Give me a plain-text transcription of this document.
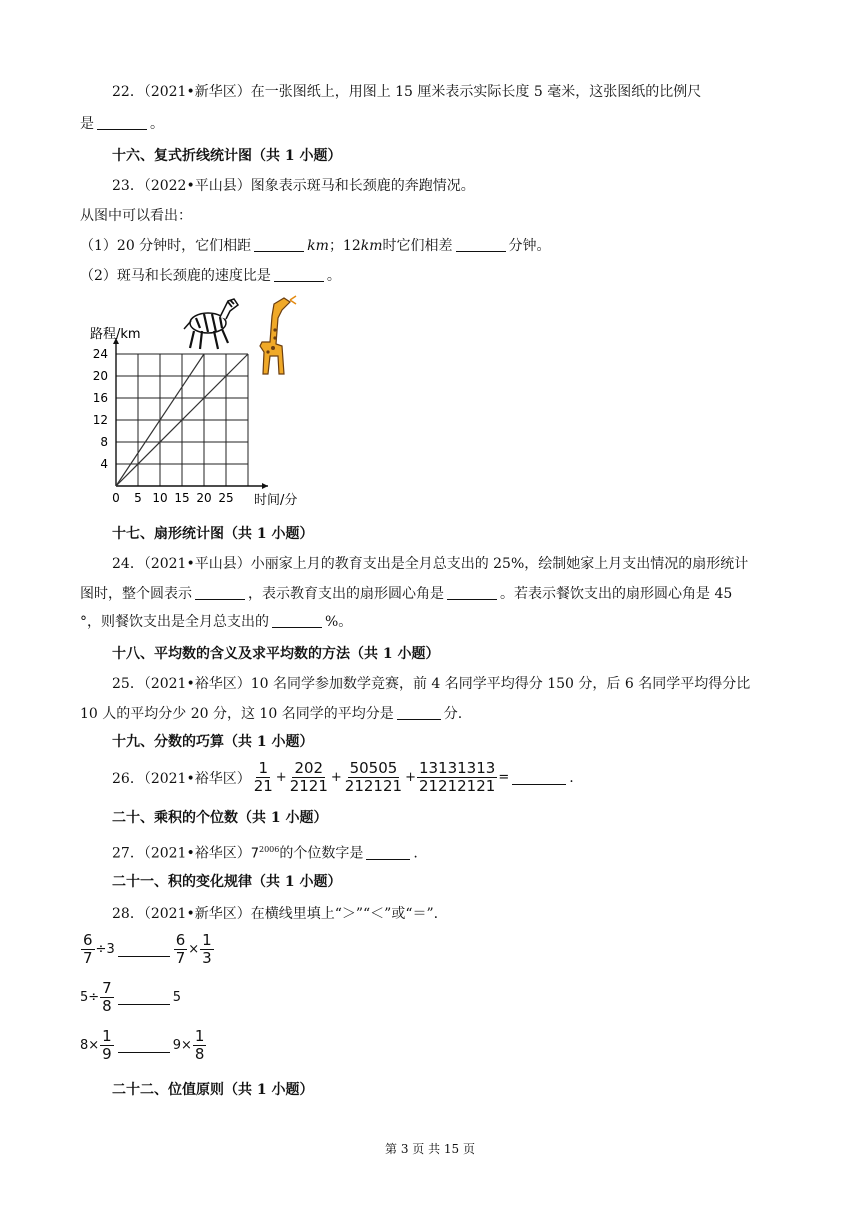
22．（2021•新华区）在一张图纸上，用图上 15 厘米表示实际长度 5 毫米，这张图纸的比例尺
是	。
十六、复式折线统计图（共 1 小题）
23．（2022•平山县）图象表示斑马和长颈鹿的奔跑情况。
从图中可以看出：
（1）20 分钟时，它们相距	km；12km时它们相差	分钟。
（2）斑马和长颈鹿的速度比是	。
0 5 10 15 20 25
4
8
12
16
20
24
路程/km
时间/分
十七、扇形统计图（共 1 小题）
24．（2021•平山县）小丽家上月的教育支出是全月总支出的 25%，绘制她家上月支出情况的扇形统计
图时，整个圆表示	，表示教育支出的扇形圆心角是	。若表示餐饮支出的扇形圆心角是 45
°，则餐饮支出是全月总支出的	%。
十八、平均数的含义及求平均数的方法（共 1 小题）
25．（2021•裕华区）10 名同学参加数学竞赛，前 4 名同学平均得分 150 分，后 6 名同学平均得分比
10 人的平均分少 20 分，这 10 名同学的平均分是	分.
十九、分数的巧算（共 1 小题）
26．（2021•裕华区） $\frac{1}{21} + \frac{202}{2121} + \frac{50505}{212121} + \frac{13131313}{21212121}$ =	.
二十、乘积的个位数（共 1 小题）
27．（2021•裕华区）$7^{2006}$的个位数字是	.
二十一、积的变化规律（共 1 小题）
28．（2021•新华区）在横线里填上“＞”“＜”或“＝”.
$\frac{6}{7} \div 3$	$\frac{6}{7} \times \frac{1}{3}$
$5\div \frac{7}{8}$	5
$8\times \frac{1}{9}$	$9\times \frac{1}{8}$
二十二、位值原则（共 1 小题）
第 3 页 共 15 页
